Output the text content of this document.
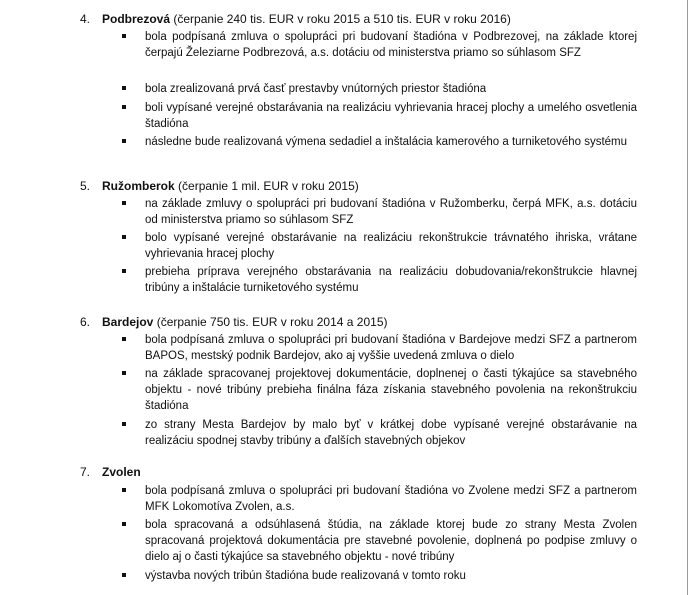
4. Podbrezová (čerpanie 240 tis. EUR v roku 2015 a 510 tis. EUR v roku 2016)
bola podpísaná zmluva o spolupráci pri budovaní štadióna v Podbrezovej, na základe ktorej čerpajú Železiarne Podbrezová, a.s. dotáciu od ministerstva priamo so súhlasom SFZ
bola zrealizovaná prvá časť prestavby vnútorných priestor štadióna
boli vypísané verejné obstarávania na realizáciu vyhrievania hracej plochy a umelého osvetlenia štadióna
následne bude realizovaná výmena sedadiel a inštalácia kamerového a turniketového systému
5. Ružomberok (čerpanie 1 mil. EUR v roku 2015)
na základe zmluvy o spolupráci pri budovaní štadióna v Ružomberku, čerpá MFK, a.s. dotáciu od ministerstva priamo so súhlasom SFZ
bolo vypísané verejné obstarávanie na realizáciu rekonštrukcie trávnatého ihriska, vrátane vyhrievania hracej plochy
prebieha príprava verejného obstarávania na realizáciu dobudovania/rekonštrukcie hlavnej tribúny a inštalácie turniketového systému
6. Bardejov (čerpanie 750 tis. EUR v roku 2014 a 2015)
bola podpísaná zmluva o spolupráci pri budovaní štadióna v Bardejove medzi SFZ a partnerom BAPOS, mestský podnik Bardejov, ako aj vyššie uvedená zmluva o dielo
na základe spracovanej projektovej dokumentácie, doplnenej o časti týkajúce sa stavebného objektu - nové tribúny prebieha finálna fáza získania stavebného povolenia na rekonštrukciu štadióna
zo strany Mesta Bardejov by malo byť v krátkej dobe vypísané verejné obstarávanie na realizáciu spodnej stavby tribúny a ďalších stavebných objekov
7. Zvolen
bola podpísaná zmluva o spolupráci pri budovaní štadióna vo Zvolene medzi SFZ a partnerom MFK Lokomotíva Zvolen, a.s.
bola spracovaná a odsúhlasená štúdia, na základe ktorej bude zo strany Mesta Zvolen spracovaná projektová dokumentácia pre stavebné povolenie, doplnená po podpise zmluvy o dielo aj o časti týkajúce sa stavebného objektu - nové tribúny
výstavba nových tribún štadióna bude realizovaná v tomto roku
